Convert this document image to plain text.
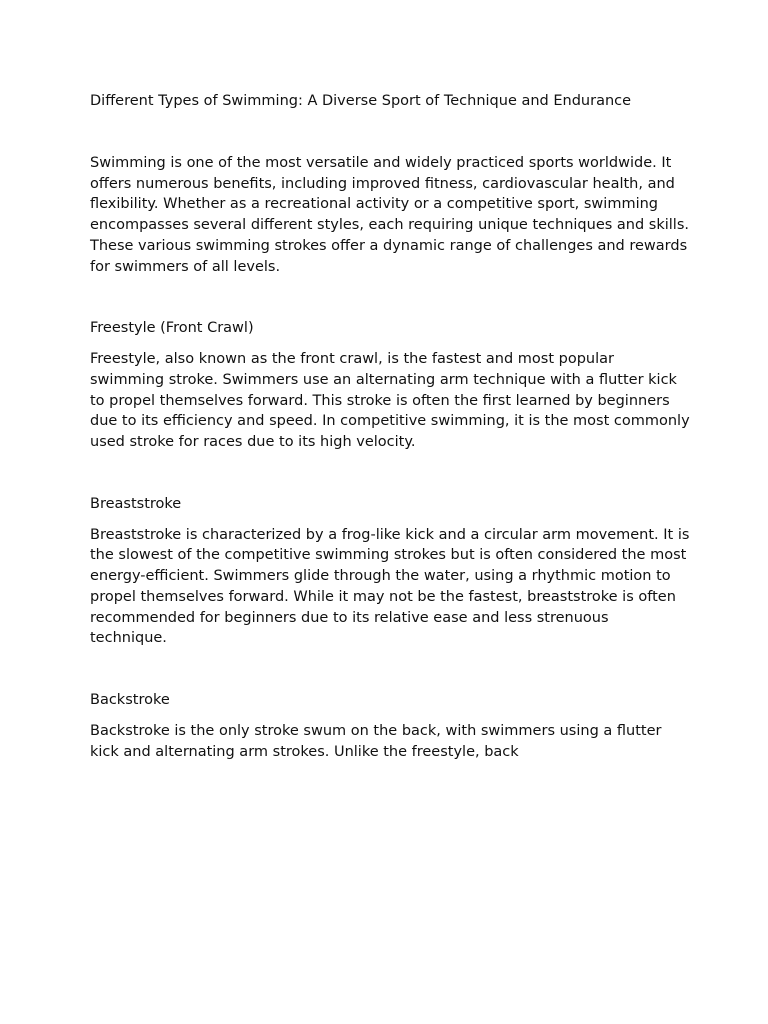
Different Types of Swimming: A Diverse Sport of Technique and Endurance

Swimming is one of the most versatile and widely practiced sports worldwide. It offers numerous benefits, including improved fitness, cardiovascular health, and flexibility. Whether as a recreational activity or a competitive sport, swimming encompasses several different styles, each requiring unique techniques and skills. These various swimming strokes offer a dynamic range of challenges and rewards for swimmers of all levels.

Freestyle (Front Crawl)

Freestyle, also known as the front crawl, is the fastest and most popular swimming stroke. Swimmers use an alternating arm technique with a flutter kick to propel themselves forward. This stroke is often the first learned by beginners due to its efficiency and speed. In competitive swimming, it is the most commonly used stroke for races due to its high velocity.

Breaststroke

Breaststroke is characterized by a frog-like kick and a circular arm movement. It is the slowest of the competitive swimming strokes but is often considered the most energy-efficient. Swimmers glide through the water, using a rhythmic motion to propel themselves forward. While it may not be the fastest, breaststroke is often recommended for beginners due to its relative ease and less strenuous technique.

Backstroke

Backstroke is the only stroke swum on the back, with swimmers using a flutter kick and alternating arm strokes. Unlike the freestyle, back
